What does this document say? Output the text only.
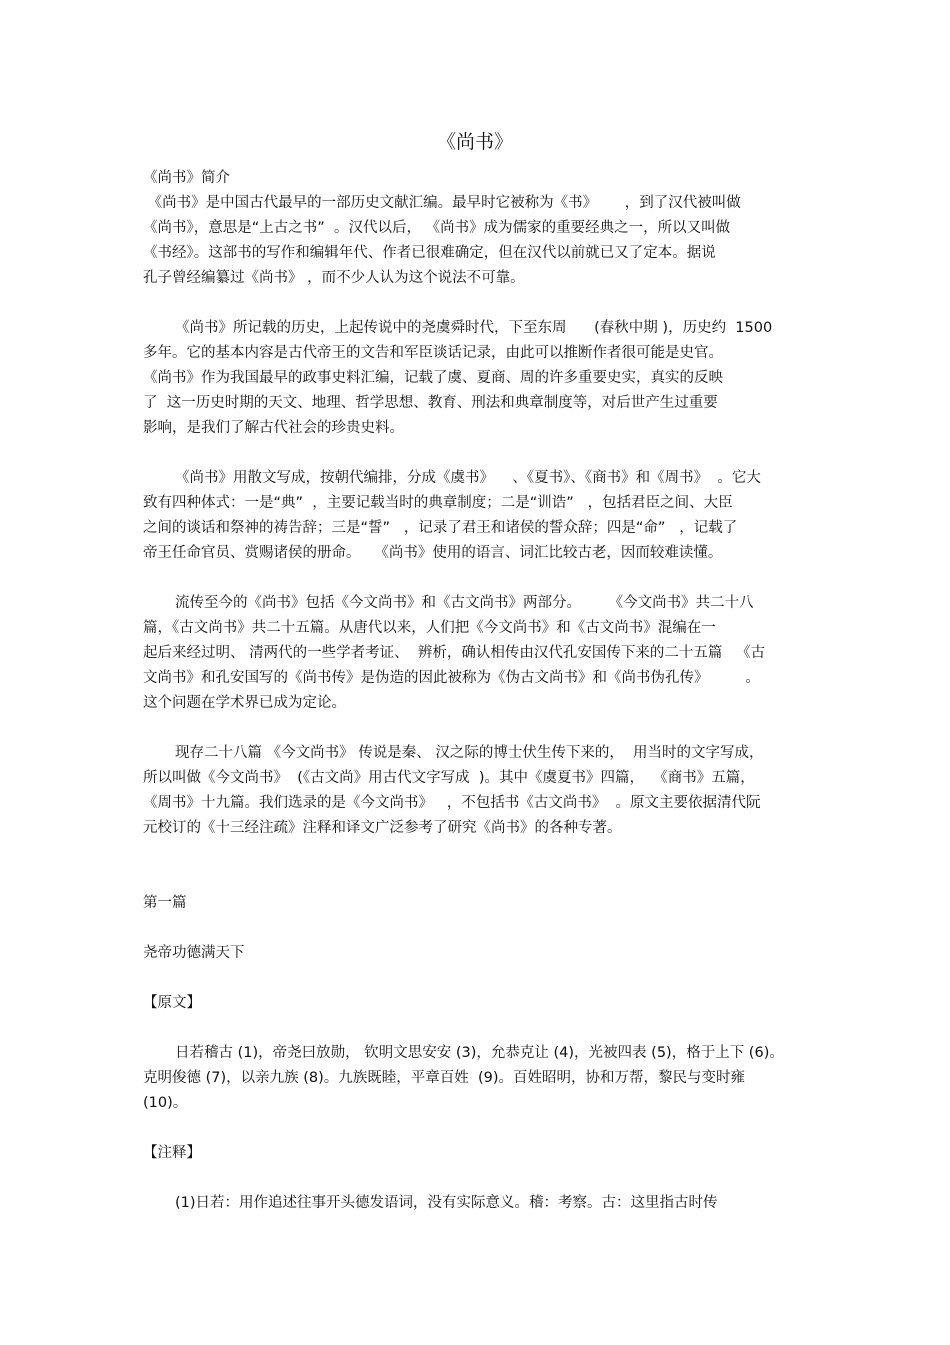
《尚书》
《尚书》简介
《尚书》是中国古代最早的一部历史文献汇编。最早时它被称为《书》      ，到了汉代被叫做
《尚书》，意思是“上古之书”  。汉代以后， 《尚书》成为儒家的重要经典之一，所以又叫做
《书经》。这部书的写作和编辑年代、作者已很难确定，但在汉代以前就已又了定本。据说
孔子曾经编纂过《尚书》 ，而不少人认为这个说法不可靠。
《尚书》所记载的历史，上起传说中的尧虞舜时代，下至东周      (春秋中期 )，历史约  1500
多年。它的基本内容是古代帝王的文告和军臣谈话记录，由此可以推断作者很可能是史官。
《尚书》作为我国最早的政事史料汇编，记载了虞、夏商、周的许多重要史实，真实的反映
了  这一历史时期的天文、地理、哲学思想、教育、刑法和典章制度等，对后世产生过重要
影响，是我们了解古代社会的珍贵史料。
《尚书》用散文写成，按朝代编排，分成《虞书》    、《夏书》、《商书》和《周书》  。它大
致有四种体式：一是“典”  ，主要记载当时的典章制度；二是“训诰”   ，包括君臣之间、大臣
之间的谈话和祭神的祷告辞；三是“誓”   ，记录了君王和诸侯的誓众辞；四是“命”   ，记载了
帝王任命官员、赏赐诸侯的册命。   《尚书》使用的语言、词汇比较古老，因而较难读懂。
流传至今的《尚书》包括《今文尚书》和《古文尚书》两部分。      《今文尚书》共二十八
篇，《古文尚书》共二十五篇。从唐代以来，人们把《今文尚书》和《古文尚书》混编在一
起后来经过明、 清两代的一些学者考证、  辨析，确认相传由汉代孔安国传下来的二十五篇   《古
文尚书》和孔安国写的《尚书传》是伪造的因此被称为《伪古文尚书》和《尚书伪孔传》        。
这个问题在学术界已成为定论。
现存二十八篇 《今文尚书》 传说是秦、 汉之际的博士伏生传下来的，  用当时的文字写成，
所以叫做《今文尚书》  (《古文尚》用古代文字写成  )。其中《虞夏书》四篇，  《商书》五篇，
《周书》十九篇。我们选录的是《今文尚书》   ，不包括书《古文尚书》  。原文主要依据清代阮
元校订的《十三经注疏》注释和译文广泛参考了研究《尚书》的各种专著。
第一篇
尧帝功德满天下
【原文】
日若稽古 (1)，帝尧曰放勋， 钦明文思安安 (3)，允恭克让 (4)，光被四表 (5)，格于上下 (6)。
克明俊德 (7)，以亲九族 (8)。九族既睦，平章百姓  (9)。百姓昭明，协和万帮，黎民与变时雍
(10)。
【注释】
(1)日若：用作追述往事开头德发语词，没有实际意义。稽：考察。古：这里指古时传
